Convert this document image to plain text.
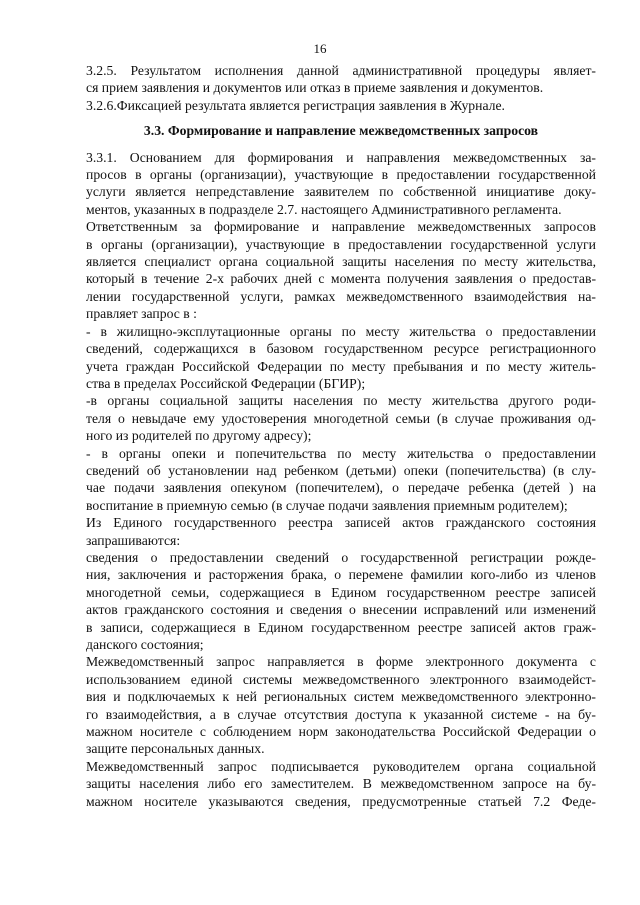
16

3.2.5. Результатом исполнения данной административной процедуры являет-
ся прием заявления и документов или отказ в приеме заявления и документов.
3.2.6.Фиксацией результата является регистрация заявления в Журнале.

3.3. Формирование и направление межведомственных запросов

3.3.1. Основанием для формирования и направления межведомственных за-
просов в органы (организации), участвующие в предоставлении государственной
услуги является непредставление заявителем по собственной инициативе доку-
ментов, указанных в подразделе 2.7. настоящего Административного регламента.

Ответственным за формирование и направление межведомственных запросов
в органы (организации), участвующие в предоставлении государственной услуги
является специалист органа социальной защиты населения по месту жительства,
который в течение 2-х рабочих дней с момента получения заявления о предостав-
лении государственной услуги, рамках межведомственного взаимодействия на-
правляет запрос в :

- в жилищно-эксплутационные органы по месту жительства о предоставлении
сведений, содержащихся в базовом государственном ресурсе регистрационного
учета граждан Российской Федерации по месту пребывания и по месту житель-
ства в пределах Российской Федерации (БГИР);

-в органы социальной защиты населения по месту жительства другого роди-
теля о невыдаче ему удостоверения многодетной семьи (в случае проживания од-
ного из родителей по другому адресу);

- в органы опеки и попечительства по месту жительства о предоставлении
сведений об установлении над ребенком (детьми) опеки (попечительства) (в слу-
чае подачи заявления опекуном (попечителем), о передаче ребенка (детей ) на
воспитание в приемную семью (в случае подачи заявления приемным родителем);

Из Единого государственного реестра записей актов гражданского состояния
запрашиваются:

сведения о предоставлении сведений о государственной регистрации рожде-
ния, заключения и расторжения брака, о перемене фамилии кого-либо из членов
многодетной семьи, содержащиеся в Едином государственном реестре записей
актов гражданского состояния и сведения о внесении исправлений или изменений
в записи, содержащиеся в Едином государственном реестре записей актов граж-
данского состояния;

Межведомственный запрос направляется в форме электронного документа с
использованием единой системы межведомственного электронного взаимодейст-
вия и подключаемых к ней региональных систем межведомственного электронно-
го взаимодействия, а в случае отсутствия доступа к указанной системе - на бу-
мажном носителе с соблюдением норм законодательства Российской Федерации о
защите персональных данных.

Межведомственный запрос подписывается руководителем органа социальной
защиты населения либо его заместителем. В межведомственном запросе на бу-
мажном носителе указываются сведения, предусмотренные статьей 7.2 Феде-
